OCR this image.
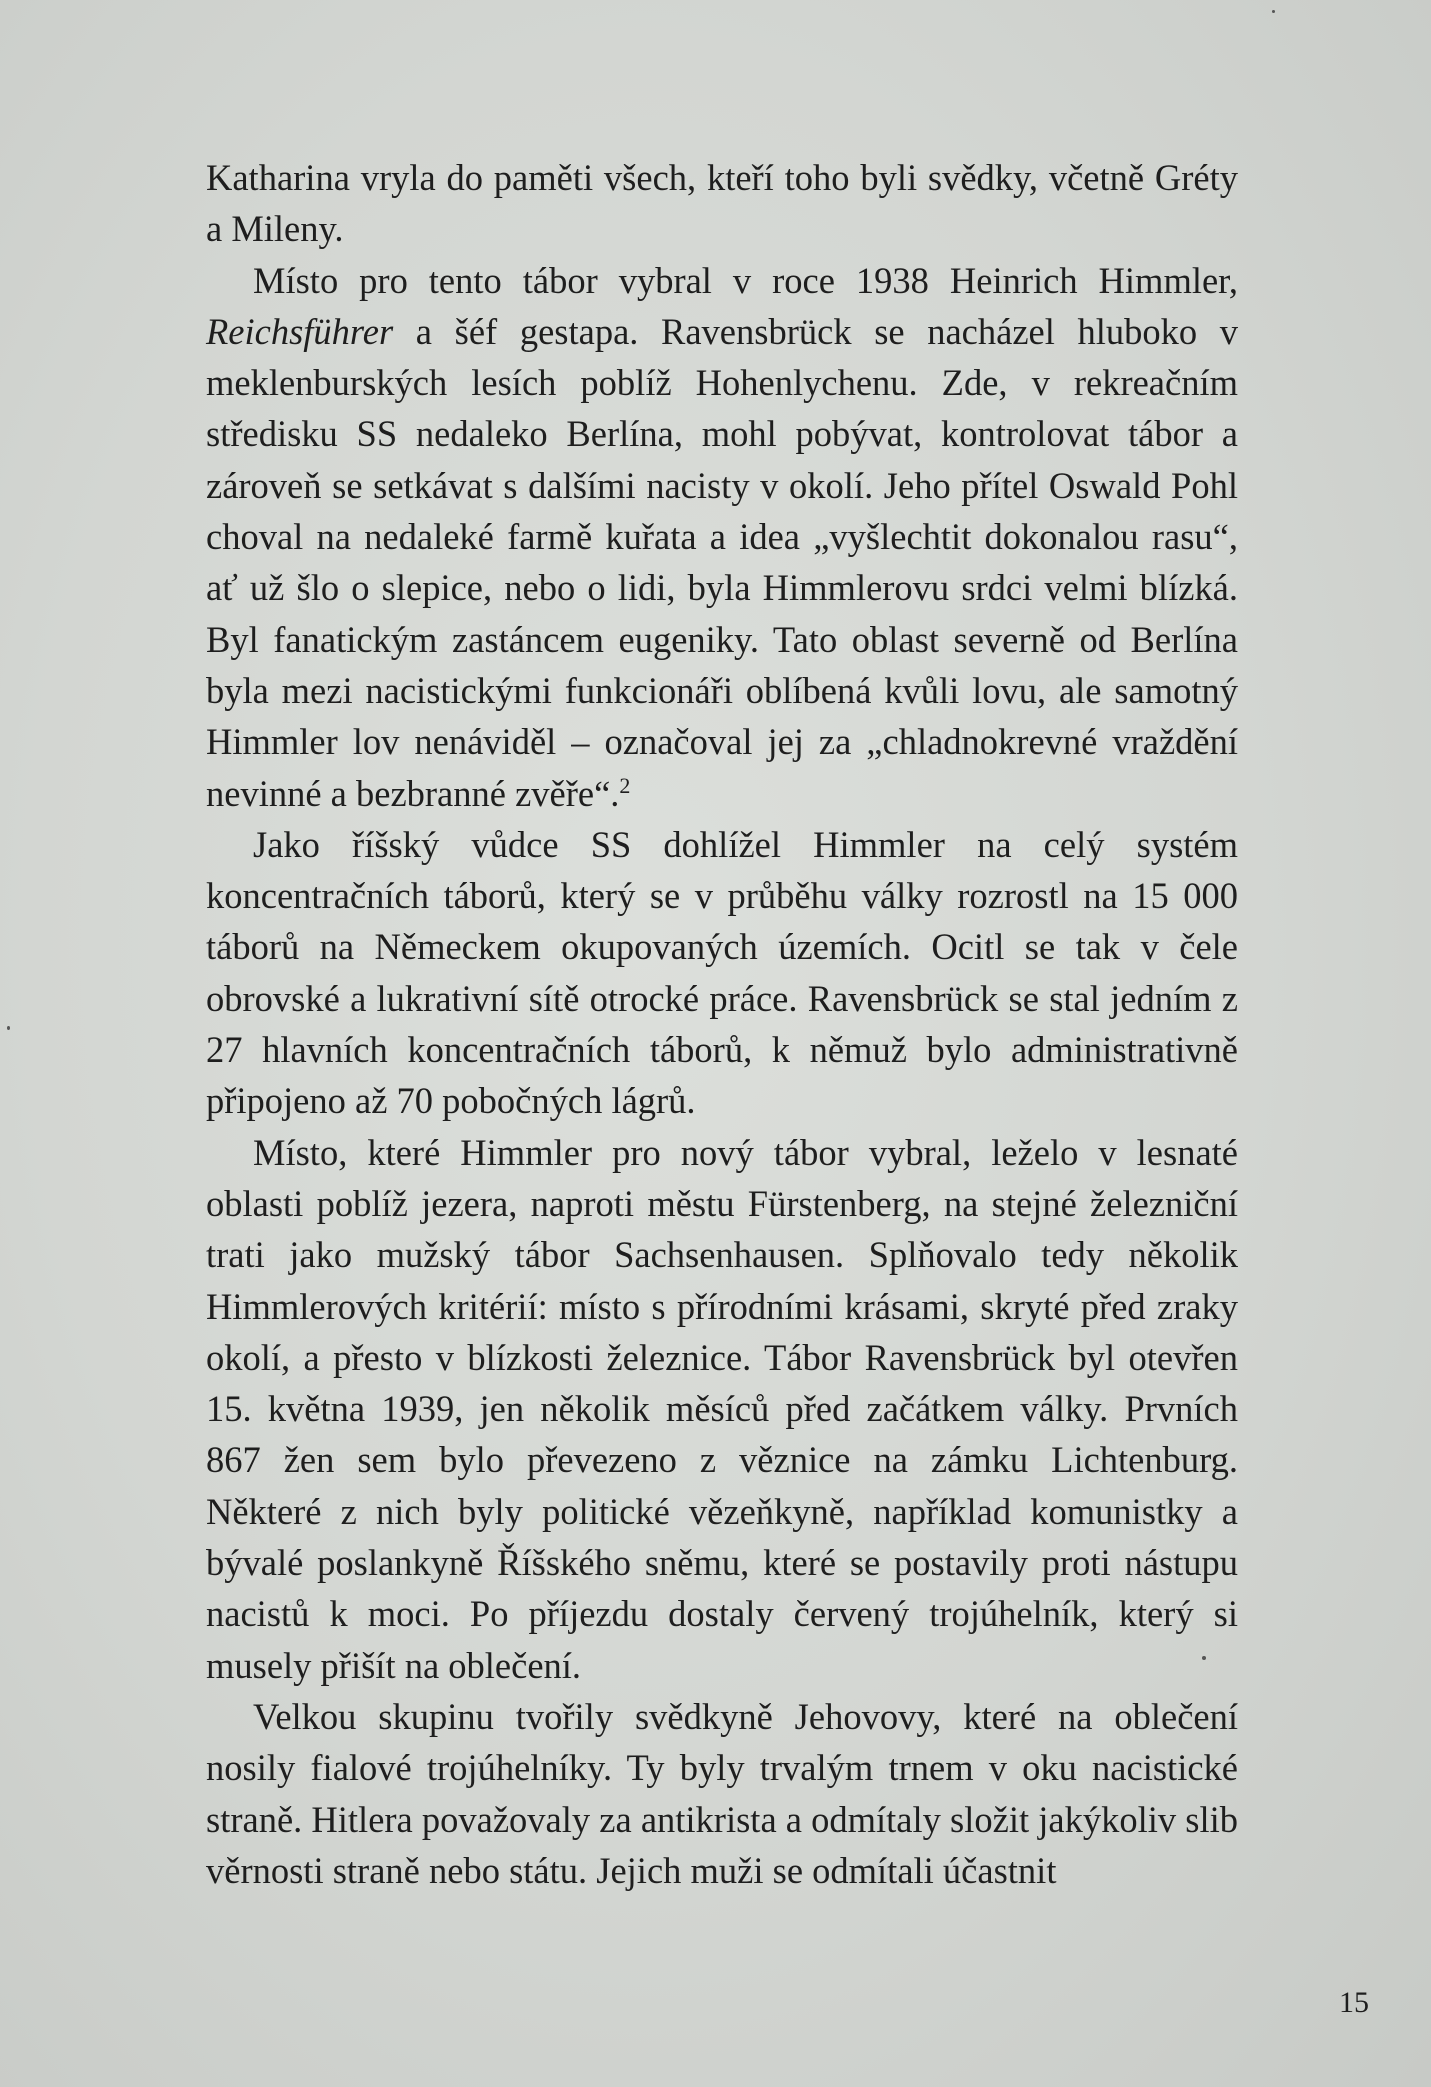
Katharina vryla do paměti všech, kteří toho byli svědky, včetně Gréty a Mileny.

Místo pro tento tábor vybral v roce 1938 Heinrich Himmler, Reichsführer a šéf gestapa. Ravensbrück se nacházel hluboko v meklenburských lesích poblíž Hohenlychenu. Zde, v rekreačním středisku SS nedaleko Berlína, mohl pobývat, kontrolovat tábor a zároveň se setkávat s dalšími nacisty v okolí. Jeho přítel Oswald Pohl choval na nedaleké farmě kuřata a idea „vyšlechtit dokonalou rasu“, ať už šlo o slepice, nebo o lidi, byla Himmlerovu srdci velmi blízká. Byl fanatickým zastáncem eugeniky. Tato oblast severně od Berlína byla mezi nacistickými funkcionáři oblíbená kvůli lovu, ale samotný Himmler lov nenáviděl – označoval jej za „chladnokrevné vraždění nevinné a bezbranné zvěře“.$^2$

Jako říšský vůdce SS dohlížel Himmler na celý systém koncentračních táborů, který se v průběhu války rozrostl na 15 000 táborů na Německem okupovaných územích. Ocitl se tak v čele obrovské a lukrativní sítě otrocké práce. Ravensbrück se stal jedním z 27 hlavních koncentračních táborů, k němuž bylo administrativně připojeno až 70 pobočných lágrů.

Místo, které Himmler pro nový tábor vybral, leželo v lesnaté oblasti poblíž jezera, naproti městu Fürstenberg, na stejné železniční trati jako mužský tábor Sachsenhausen. Splňovalo tedy několik Himmlerových kritérií: místo s přírodními krásami, skryté před zraky okolí, a přesto v blízkosti železnice. Tábor Ravensbrück byl otevřen 15. května 1939, jen několik měsíců před začátkem války. Prvních 867 žen sem bylo převezeno z věznice na zámku Lichtenburg. Některé z nich byly politické vězeňkyně, například komunistky a bývalé poslankyně Říšského sněmu, které se postavily proti nástupu nacistů k moci. Po příjezdu dostaly červený trojúhelník, který si musely přišít na oblečení.

Velkou skupinu tvořily svědkyně Jehovovy, které na oblečení nosily fialové trojúhelníky. Ty byly trvalým trnem v oku nacistické straně. Hitlera považovaly za antikrista a odmítaly složit jakýkoliv slib věrnosti straně nebo státu. Jejich muži se odmítali účastnit

15
